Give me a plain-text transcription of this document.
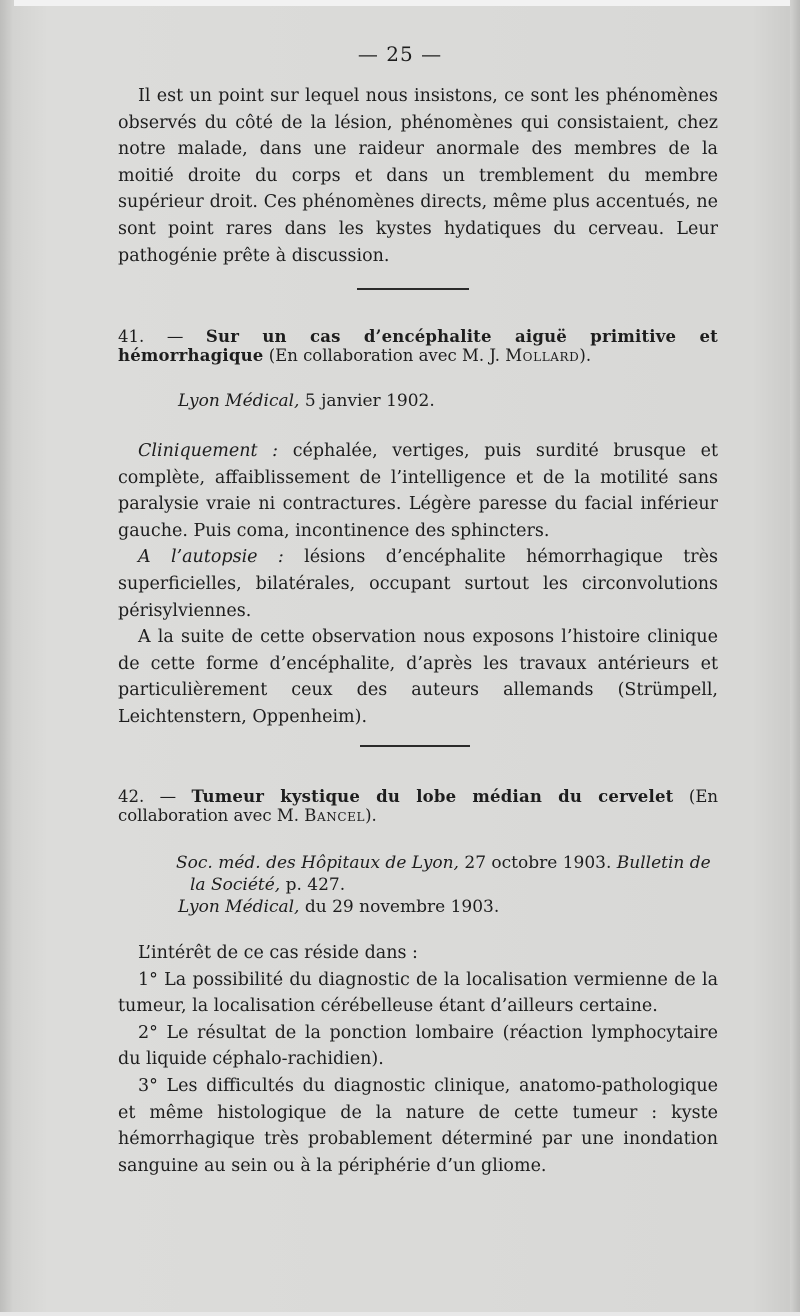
— 25 —

Il est un point sur lequel nous insistons, ce sont les phénomènes observés du côté de la lésion, phénomènes qui consistaient, chez notre malade, dans une raideur anormale des membres de la moitié droite du corps et dans un tremblement du membre supérieur droit. Ces phénomènes directs, même plus accentués, ne sont point rares dans les kystes hydatiques du cerveau. Leur pathogénie prête à discussion.

41. — Sur un cas d’encéphalite aiguë primitive et hémorrhagique (En collaboration avec M. J. Mollard).

Lyon Médical, 5 janvier 1902.

Cliniquement : céphalée, vertiges, puis surdité brusque et complète, affaiblissement de l’intelligence et de la motilité sans paralysie vraie ni contractures. Légère paresse du facial inférieur gauche. Puis coma, incontinence des sphincters.

A l’autopsie : lésions d’encéphalite hémorrhagique très superficielles, bilatérales, occupant surtout les circonvolutions périsylviennes.

A la suite de cette observation nous exposons l’histoire clinique de cette forme d’encéphalite, d’après les travaux antérieurs et particulièrement ceux des auteurs allemands (Strümpell, Leichtenstern, Oppenheim).

42. — Tumeur kystique du lobe médian du cervelet (En collaboration avec M. Bancel).

Soc. méd. des Hôpitaux de Lyon, 27 octobre 1903. Bulletin de

la Société, p. 427.

Lyon Médical, du 29 novembre 1903.

L’intérêt de ce cas réside dans :

1° La possibilité du diagnostic de la localisation vermienne de la tumeur, la localisation cérébelleuse étant d’ailleurs certaine.

2° Le résultat de la ponction lombaire (réaction lymphocytaire du liquide céphalo-rachidien).

3° Les difficultés du diagnostic clinique, anatomo-pathologique et même histologique de la nature de cette tumeur : kyste hémorrhagique très probablement déterminé par une inondation sanguine au sein ou à la périphérie d’un gliome.
